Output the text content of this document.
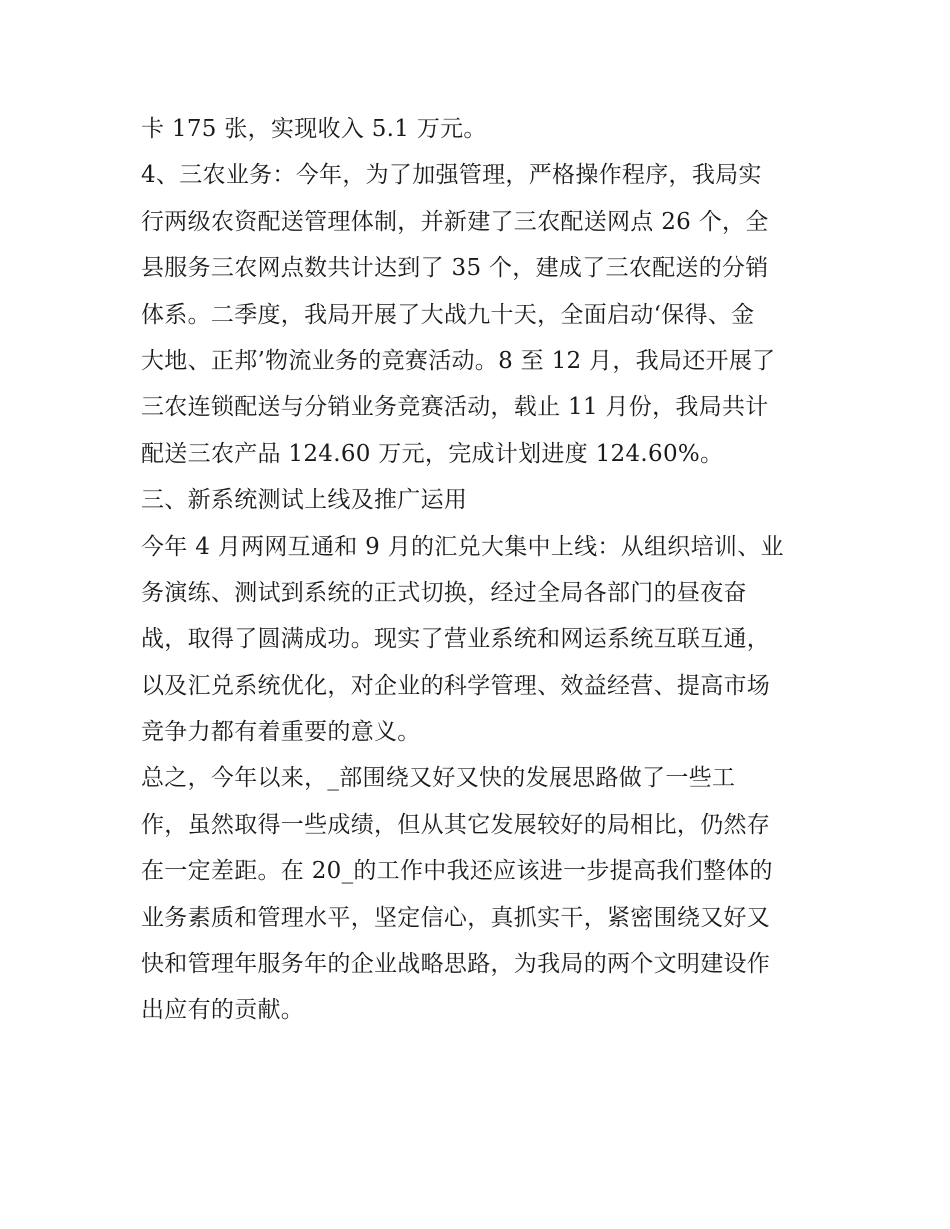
卡 175 张，实现收入 5.1 万元。
4、三农业务：今年，为了加强管理，严格操作程序，我局实
行两级农资配送管理体制，并新建了三农配送网点 26 个，全
县服务三农网点数共计达到了 35 个，建成了三农配送的分销
体系。二季度，我局开展了大战九十天，全面启动‘保得、金
大地、正邦’物流业务的竞赛活动。8 至 12 月，我局还开展了
三农连锁配送与分销业务竞赛活动，载止 11 月份，我局共计
配送三农产品 124.60 万元，完成计划进度 124.60%。
三、新系统测试上线及推广运用
今年 4 月两网互通和 9 月的汇兑大集中上线：从组织培训、业
务演练、测试到系统的正式切换，经过全局各部门的昼夜奋
战，取得了圆满成功。现实了营业系统和网运系统互联互通，
以及汇兑系统优化，对企业的科学管理、效益经营、提高市场
竞争力都有着重要的意义。
总之，今年以来，_部围绕又好又快的发展思路做了一些工
作，虽然取得一些成绩，但从其它发展较好的局相比，仍然存
在一定差距。在 20_的工作中我还应该进一步提高我们整体的
业务素质和管理水平，坚定信心，真抓实干，紧密围绕又好又
快和管理年服务年的企业战略思路，为我局的两个文明建设作
出应有的贡献。
